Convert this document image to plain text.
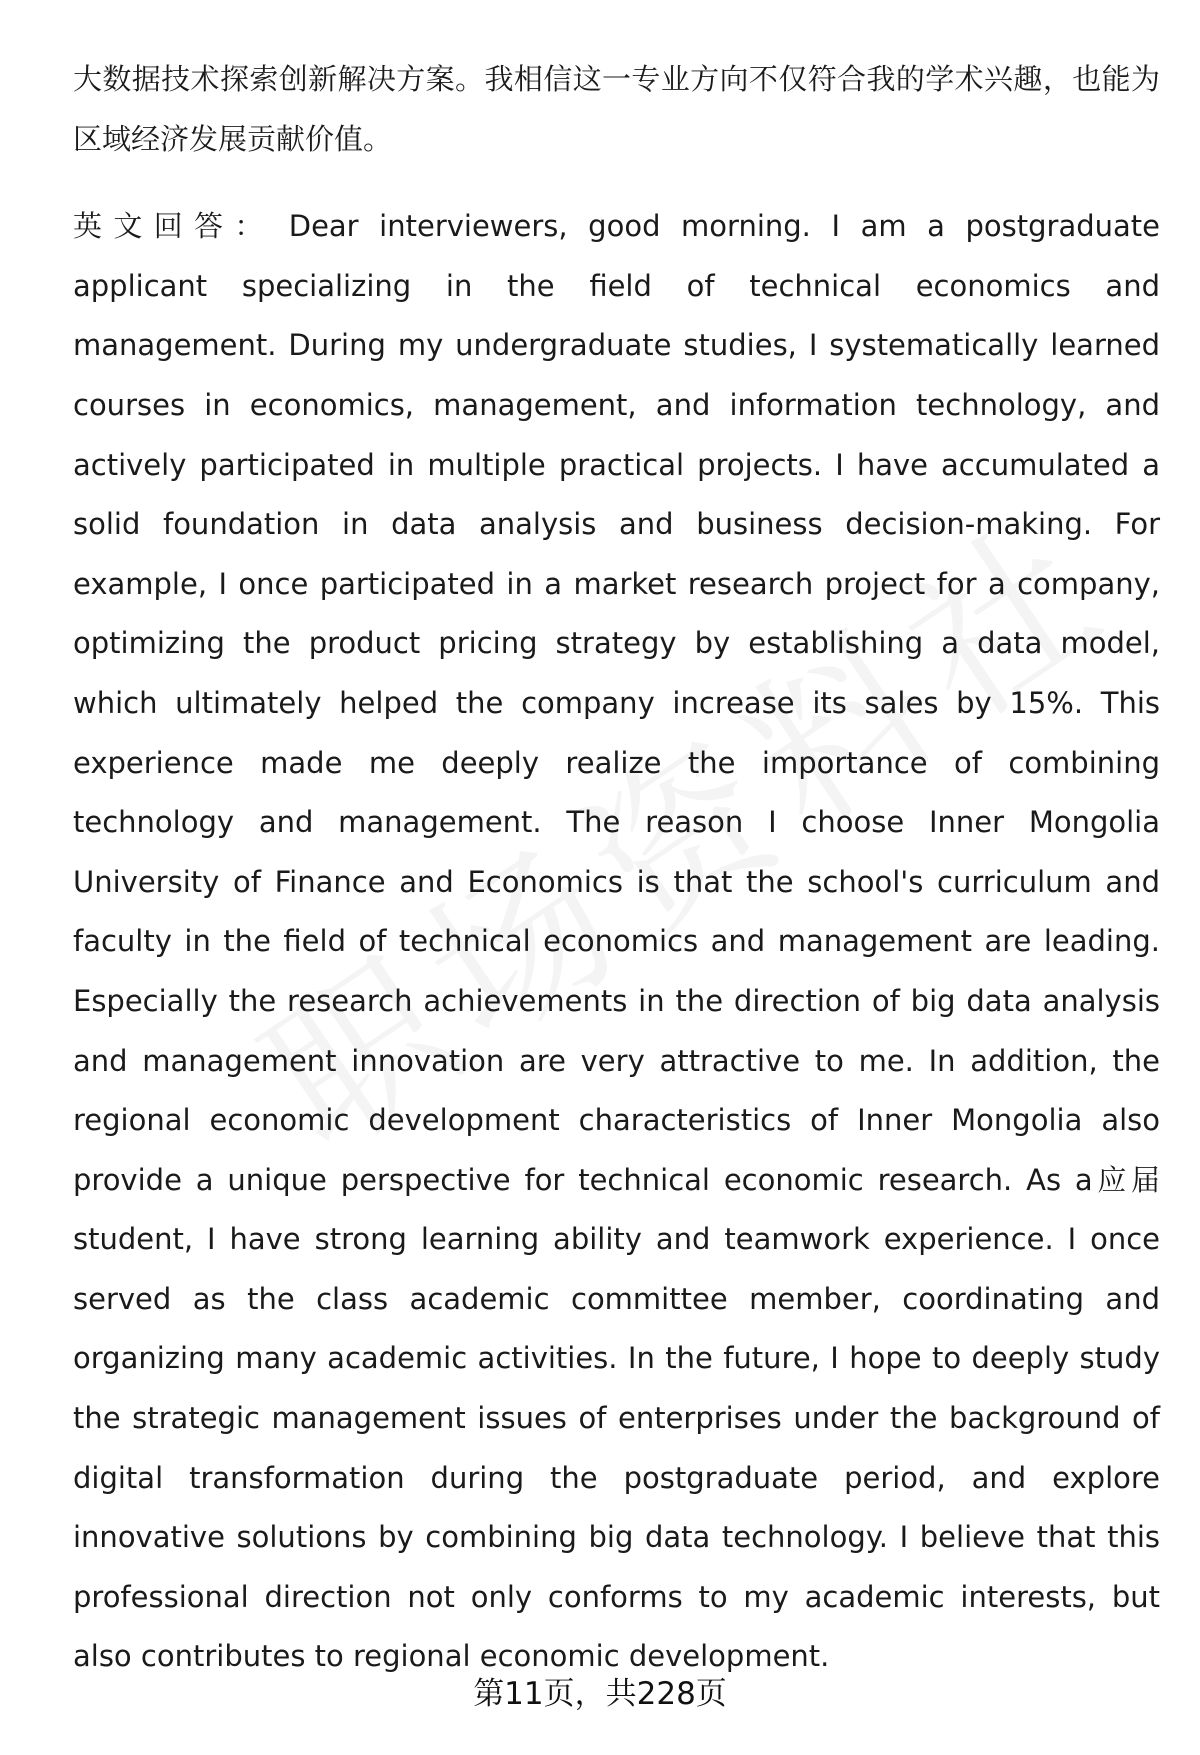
大数据技术探索创新解决方案。我相信这一专业方向不仅符合我的学术兴趣，也能为区域经济发展贡献价值。

英文回答： Dear interviewers, good morning. I am a postgraduate applicant specializing in the field of technical economics and management. During my undergraduate studies, I systematically learned courses in economics, management, and information technology, and actively participated in multiple practical projects. I have accumulated a solid foundation in data analysis and business decision-making. For example, I once participated in a market research project for a company, optimizing the product pricing strategy by establishing a data model, which ultimately helped the company increase its sales by 15%. This experience made me deeply realize the importance of combining technology and management. The reason I choose Inner Mongolia University of Finance and Economics is that the school's curriculum and faculty in the field of technical economics and management are leading. Especially the research achievements in the direction of big data analysis and management innovation are very attractive to me. In addition, the regional economic development characteristics of Inner Mongolia also provide a unique perspective for technical economic research. As a应届 student, I have strong learning ability and teamwork experience. I once served as the class academic committee member, coordinating and organizing many academic activities. In the future, I hope to deeply study the strategic management issues of enterprises under the background of digital transformation during the postgraduate period, and explore innovative solutions by combining big data technology. I believe that this professional direction not only conforms to my academic interests, but also contributes to regional economic development.

第11页，共228页
